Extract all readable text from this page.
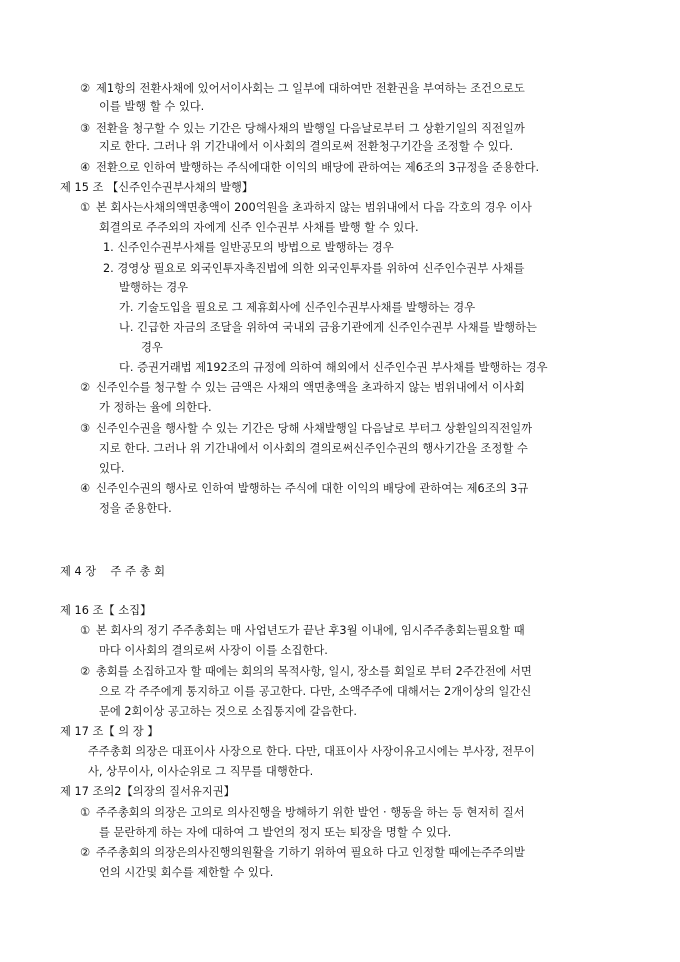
② 제1항의 전환사채에 있어서이사회는 그 일부에 대하여만 전환권을 부여하는 조건으로도
이를 발행 할 수 있다.
③ 전환을 청구할 수 있는 기간은 당해사채의 발행일 다음날로부터 그 상환기일의 직전일까
지로 한다. 그러나 위 기간내에서 이사회의 결의로써 전환청구기간을 조정할 수 있다.
④ 전환으로 인하여 발행하는 주식에대한 이익의 배당에 관하여는 제6조의 3규정을 준용한다.
제 15 조 【신주인수권부사채의 발행】
① 본 회사는사채의액면총액이 200억원을 초과하지 않는 범위내에서 다음 각호의 경우 이사
회결의로 주주외의 자에게 신주 인수권부 사채를 발행 할 수 있다.
1. 신주인수권부사채를 일반공모의 방법으로 발행하는 경우
2. 경영상 필요로 외국인투자촉진법에 의한 외국인투자를 위하여 신주인수권부 사채를
발행하는 경우
가. 기술도입을 필요로 그 제휴회사에 신주인수권부사채를 발행하는 경우
나. 긴급한 자금의 조달을 위하여 국내외 금융기관에게 신주인수권부 사채를 발행하는
경우
다. 증권거래법 제192조의 규정에 의하여 해외에서 신주인수권 부사채를 발행하는 경우
② 신주인수를 청구할 수 있는 금액은 사채의 액면총액을 초과하지 않는 범위내에서 이사회
가 정하는 율에 의한다.
③ 신주인수권을 행사할 수 있는 기간은 당해 사채발행일 다음날로 부터그 상환일의직전일까
지로 한다. 그러나 위 기간내에서 이사회의 결의로써신주인수권의 행사기간을 조정할 수
있다.
④ 신주인수권의 행사로 인하여 발행하는 주식에 대한 이익의 배당에 관하여는 제6조의 3규
정을 준용한다.
제 4 장    주 주 총 회
제 16 조【 소집】
① 본 회사의 정기 주주총회는 매 사업년도가 끝난 후3월 이내에, 임시주주총회는필요할 때
마다 이사회의 결의로써 사장이 이를 소집한다.
② 총회를 소집하고자 할 때에는 회의의 목적사항, 일시, 장소를 회일로 부터 2주간전에 서면
으로 각 주주에게 통지하고 이를 공고한다. 다만, 소액주주에 대해서는 2개이상의 일간신
문에 2회이상 공고하는 것으로 소집통지에 갈음한다.
제 17 조【 의 장 】
주주총회 의장은 대표이사 사장으로 한다. 다만, 대표이사 사장이유고시에는 부사장, 전무이
사, 상무이사, 이사순위로 그 직무를 대행한다.
제 17 조의2【의장의 질서유지권】
① 주주총회의 의장은 고의로 의사진행을 방해하기 위한 발언 · 행동을 하는 등 현저히 질서
를 문란하게 하는 자에 대하여 그 발언의 정지 또는 퇴장을 명할 수 있다.
② 주주총회의 의장은의사진행의원활을 기하기 위하여 필요하 다고 인정할 때에는주주의발
언의 시간및 회수를 제한할 수 있다.
